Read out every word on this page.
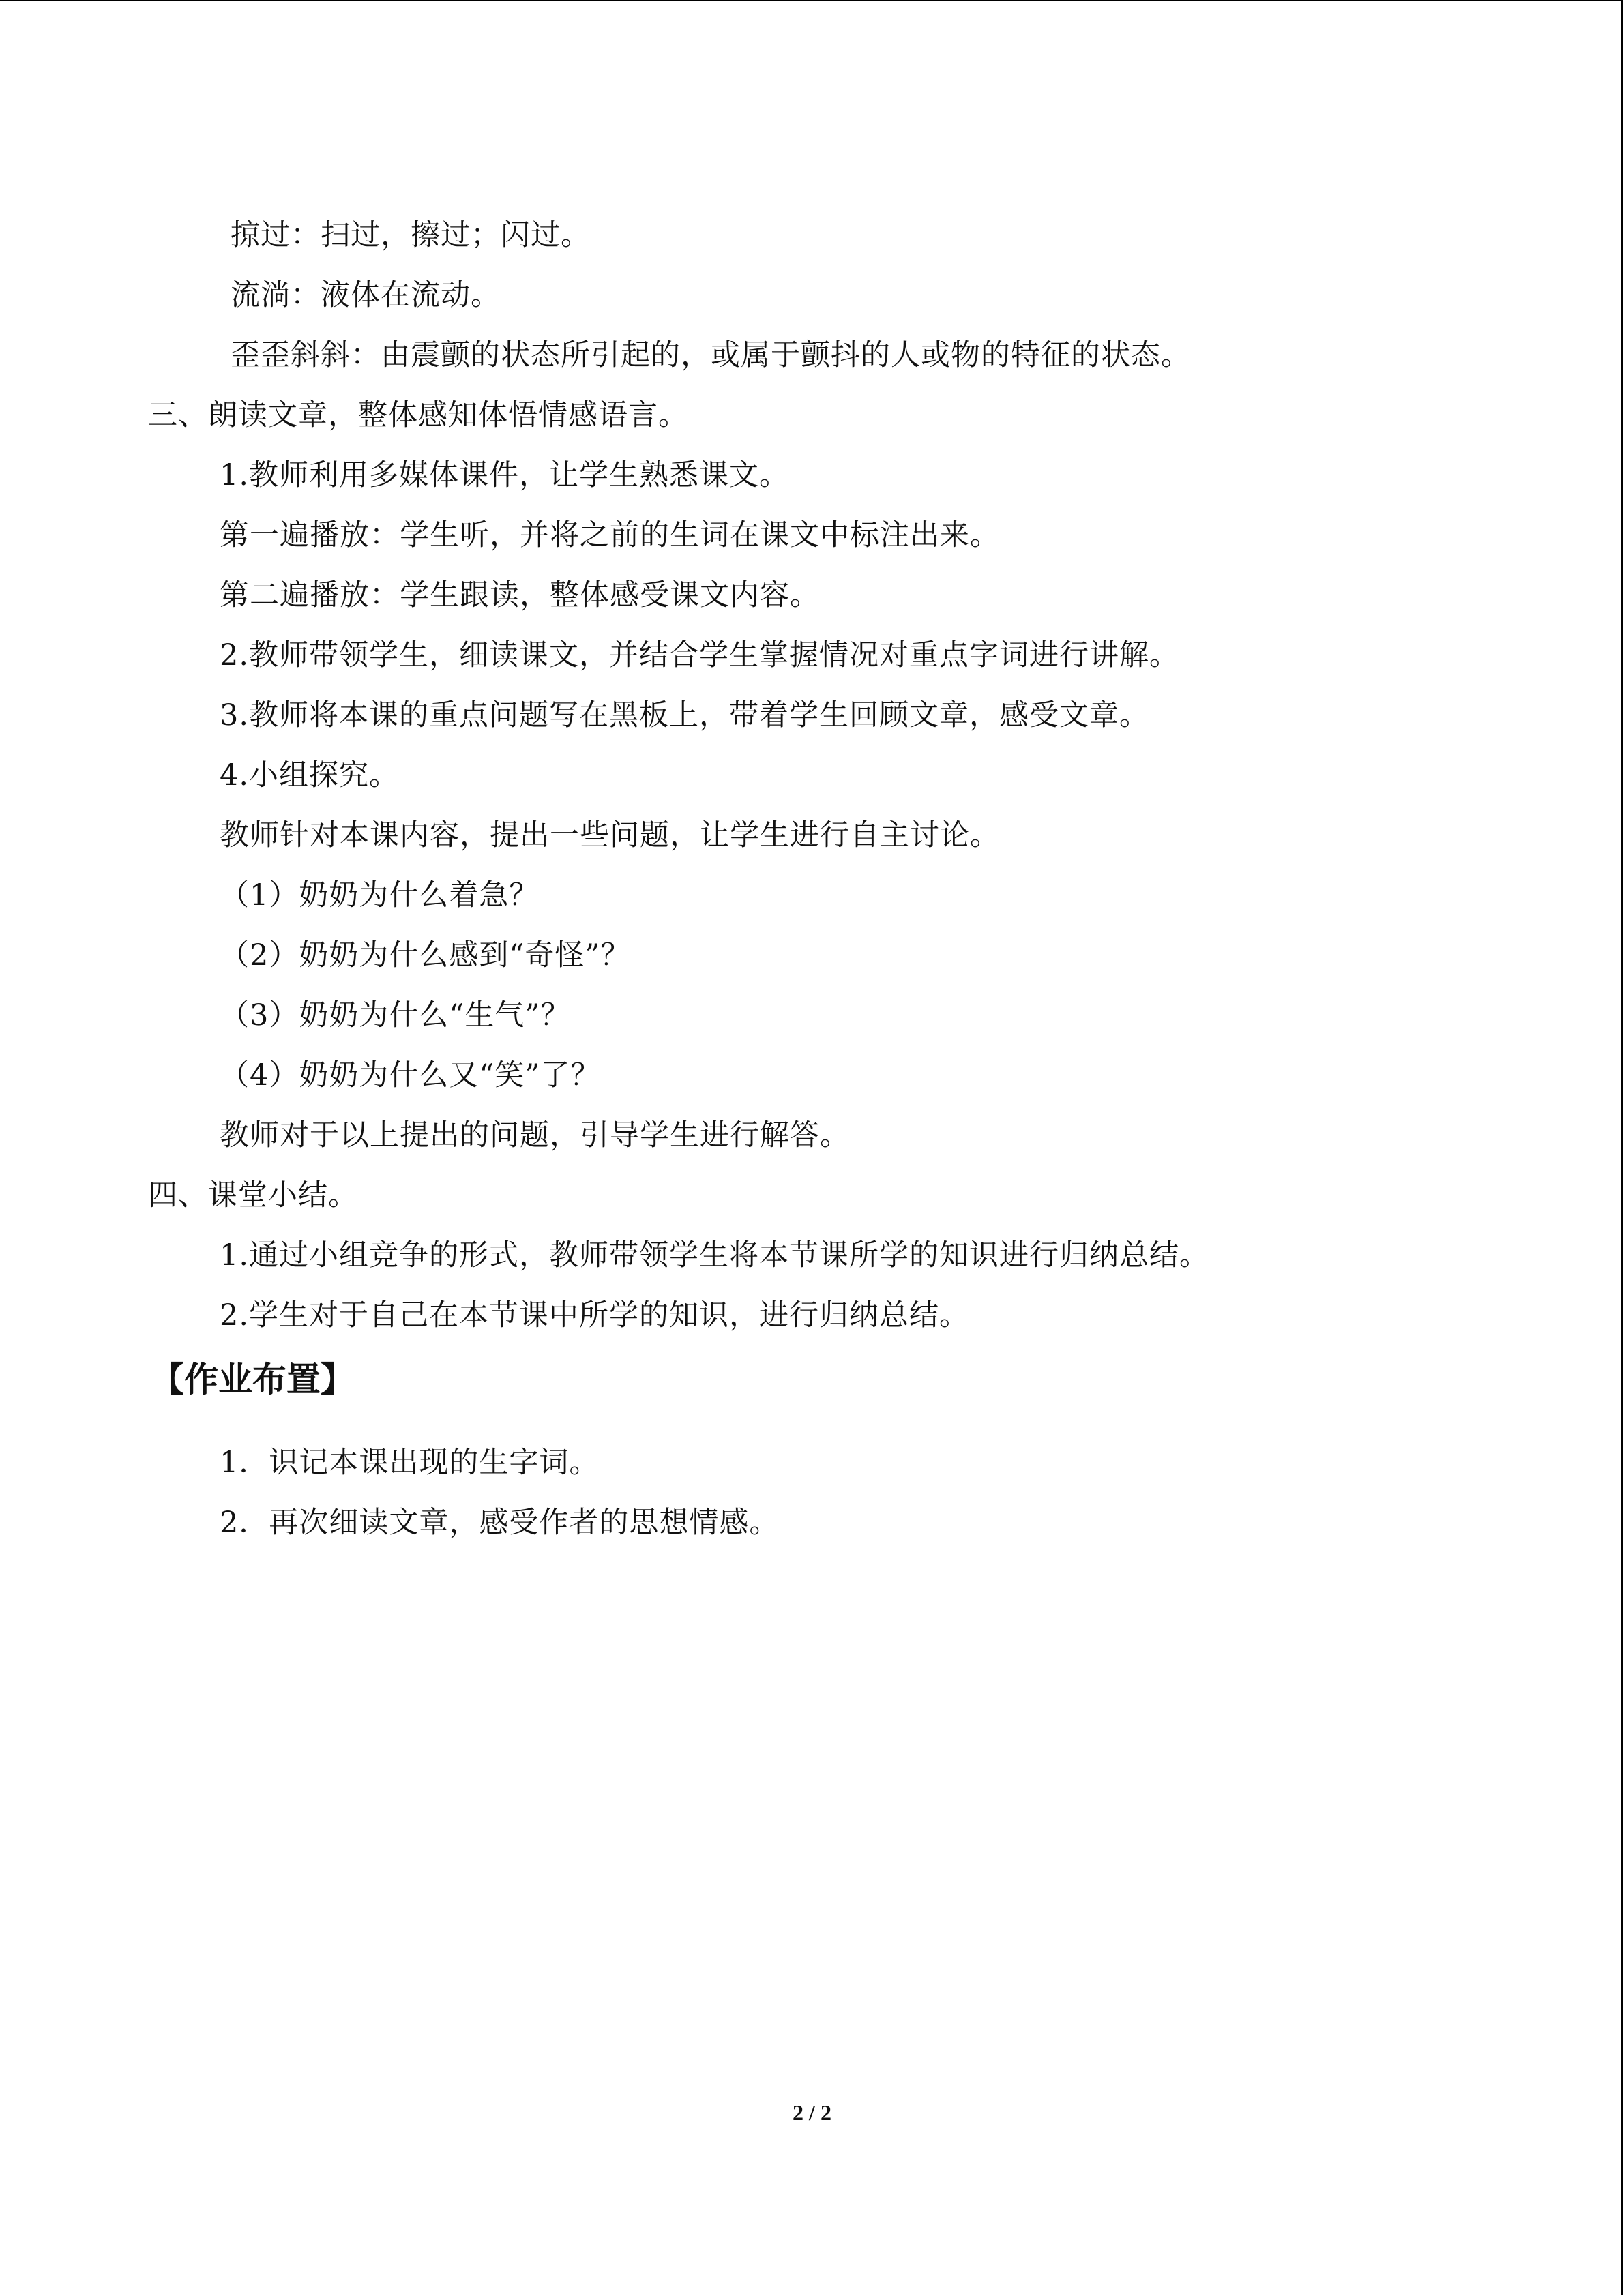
掠过：扫过，擦过；闪过。
流淌：液体在流动。
歪歪斜斜：由震颤的状态所引起的，或属于颤抖的人或物的特征的状态。
三、朗读文章，整体感知体悟情感语言。
1.教师利用多媒体课件，让学生熟悉课文。
第一遍播放：学生听，并将之前的生词在课文中标注出来。
第二遍播放：学生跟读，整体感受课文内容。
2.教师带领学生，细读课文，并结合学生掌握情况对重点字词进行讲解。
3.教师将本课的重点问题写在黑板上，带着学生回顾文章，感受文章。
4.小组探究。
教师针对本课内容，提出一些问题，让学生进行自主讨论。
（1）奶奶为什么着急？
（2）奶奶为什么感到“奇怪”？
（3）奶奶为什么“生气”？
（4）奶奶为什么又“笑”了？
教师对于以上提出的问题，引导学生进行解答。
四、课堂小结。
1.通过小组竞争的形式，教师带领学生将本节课所学的知识进行归纳总结。
2.学生对于自己在本节课中所学的知识，进行归纳总结。
【作业布置】
1．识记本课出现的生字词。
2．再次细读文章，感受作者的思想情感。
2 / 2
